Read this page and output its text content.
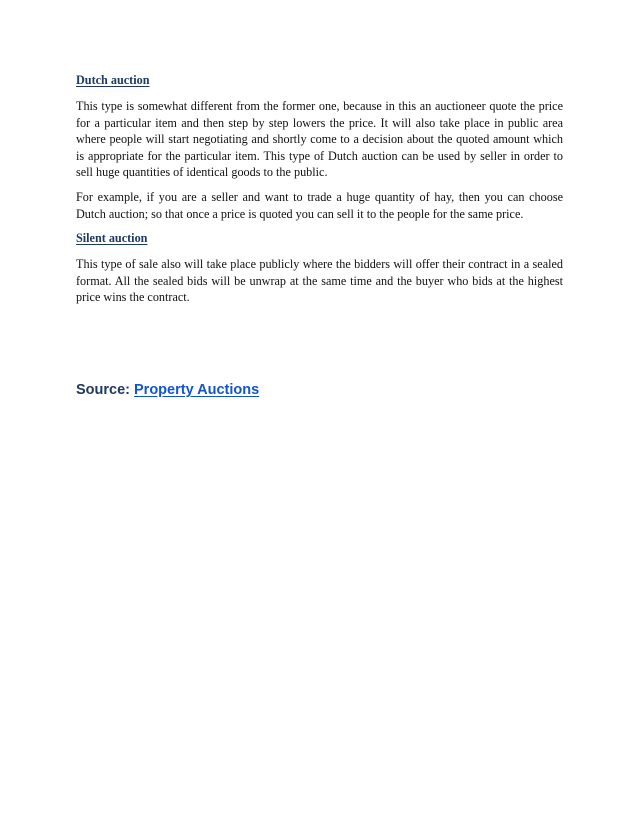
Dutch auction

This type is somewhat different from the former one, because in this an auctioneer quote the price for a particular item and then step by step lowers the price. It will also take place in public area where people will start negotiating and shortly come to a decision about the quoted amount which is appropriate for the particular item. This type of Dutch auction can be used by seller in order to sell huge quantities of identical goods to the public.

For example, if you are a seller and want to trade a huge quantity of hay, then you can choose Dutch auction; so that once a price is quoted you can sell it to the people for the same price.

Silent auction

This type of sale also will take place publicly where the bidders will offer their contract in a sealed format. All the sealed bids will be unwrap at the same time and the buyer who bids at the highest price wins the contract.

Source: Property Auctions
